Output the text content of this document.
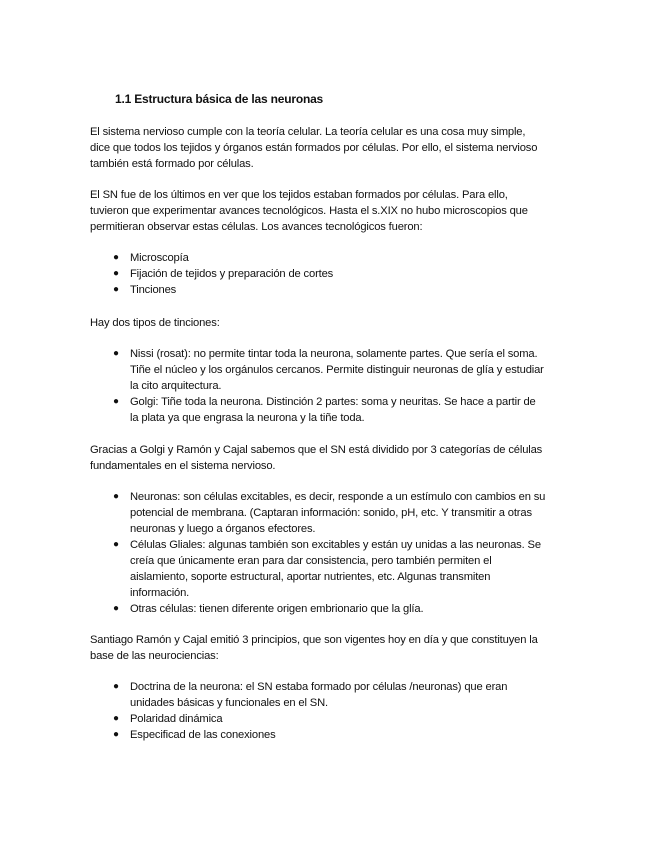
1.1 Estructura básica de las neuronas
El sistema nervioso cumple con la teoría celular. La teoría celular es una cosa muy simple,
dice que todos los tejidos y órganos están formados por células. Por ello, el sistema nervioso
también está formado por células.
El SN fue de los últimos en ver que los tejidos estaban formados por células. Para ello,
tuvieron que experimentar avances tecnológicos. Hasta el s.XIX no hubo microscopios que
permitieran observar estas células. Los avances tecnológicos fueron:
● Microscopía
● Fijación de tejidos y preparación de cortes
● Tinciones
Hay dos tipos de tinciones:
● Nissi (rosat): no permite tintar toda la neurona, solamente partes. Que sería el soma.
Tiñe el núcleo y los orgánulos cercanos. Permite distinguir neuronas de glía y estudiar
la cito arquitectura.
● Golgi: Tiñe toda la neurona. Distinción 2 partes: soma y neuritas. Se hace a partir de
la plata ya que engrasa la neurona y la tiñe toda.
Gracias a Golgi y Ramón y Cajal sabemos que el SN está dividido por 3 categorías de células
fundamentales en el sistema nervioso.
● Neuronas: son células excitables, es decir, responde a un estímulo con cambios en su
potencial de membrana. (Captaran información: sonido, pH, etc. Y transmitir a otras
neuronas y luego a órganos efectores.
● Células Gliales: algunas también son excitables y están uy unidas a las neuronas. Se
creía que únicamente eran para dar consistencia, pero también permiten el
aislamiento, soporte estructural, aportar nutrientes, etc. Algunas transmiten
información.
● Otras células: tienen diferente origen embrionario que la glía.
Santiago Ramón y Cajal emitió 3 principios, que son vigentes hoy en día y que constituyen la
base de las neurociencias:
● Doctrina de la neurona: el SN estaba formado por células /neuronas) que eran
unidades básicas y funcionales en el SN.
● Polaridad dinámica
● Especificad de las conexiones
